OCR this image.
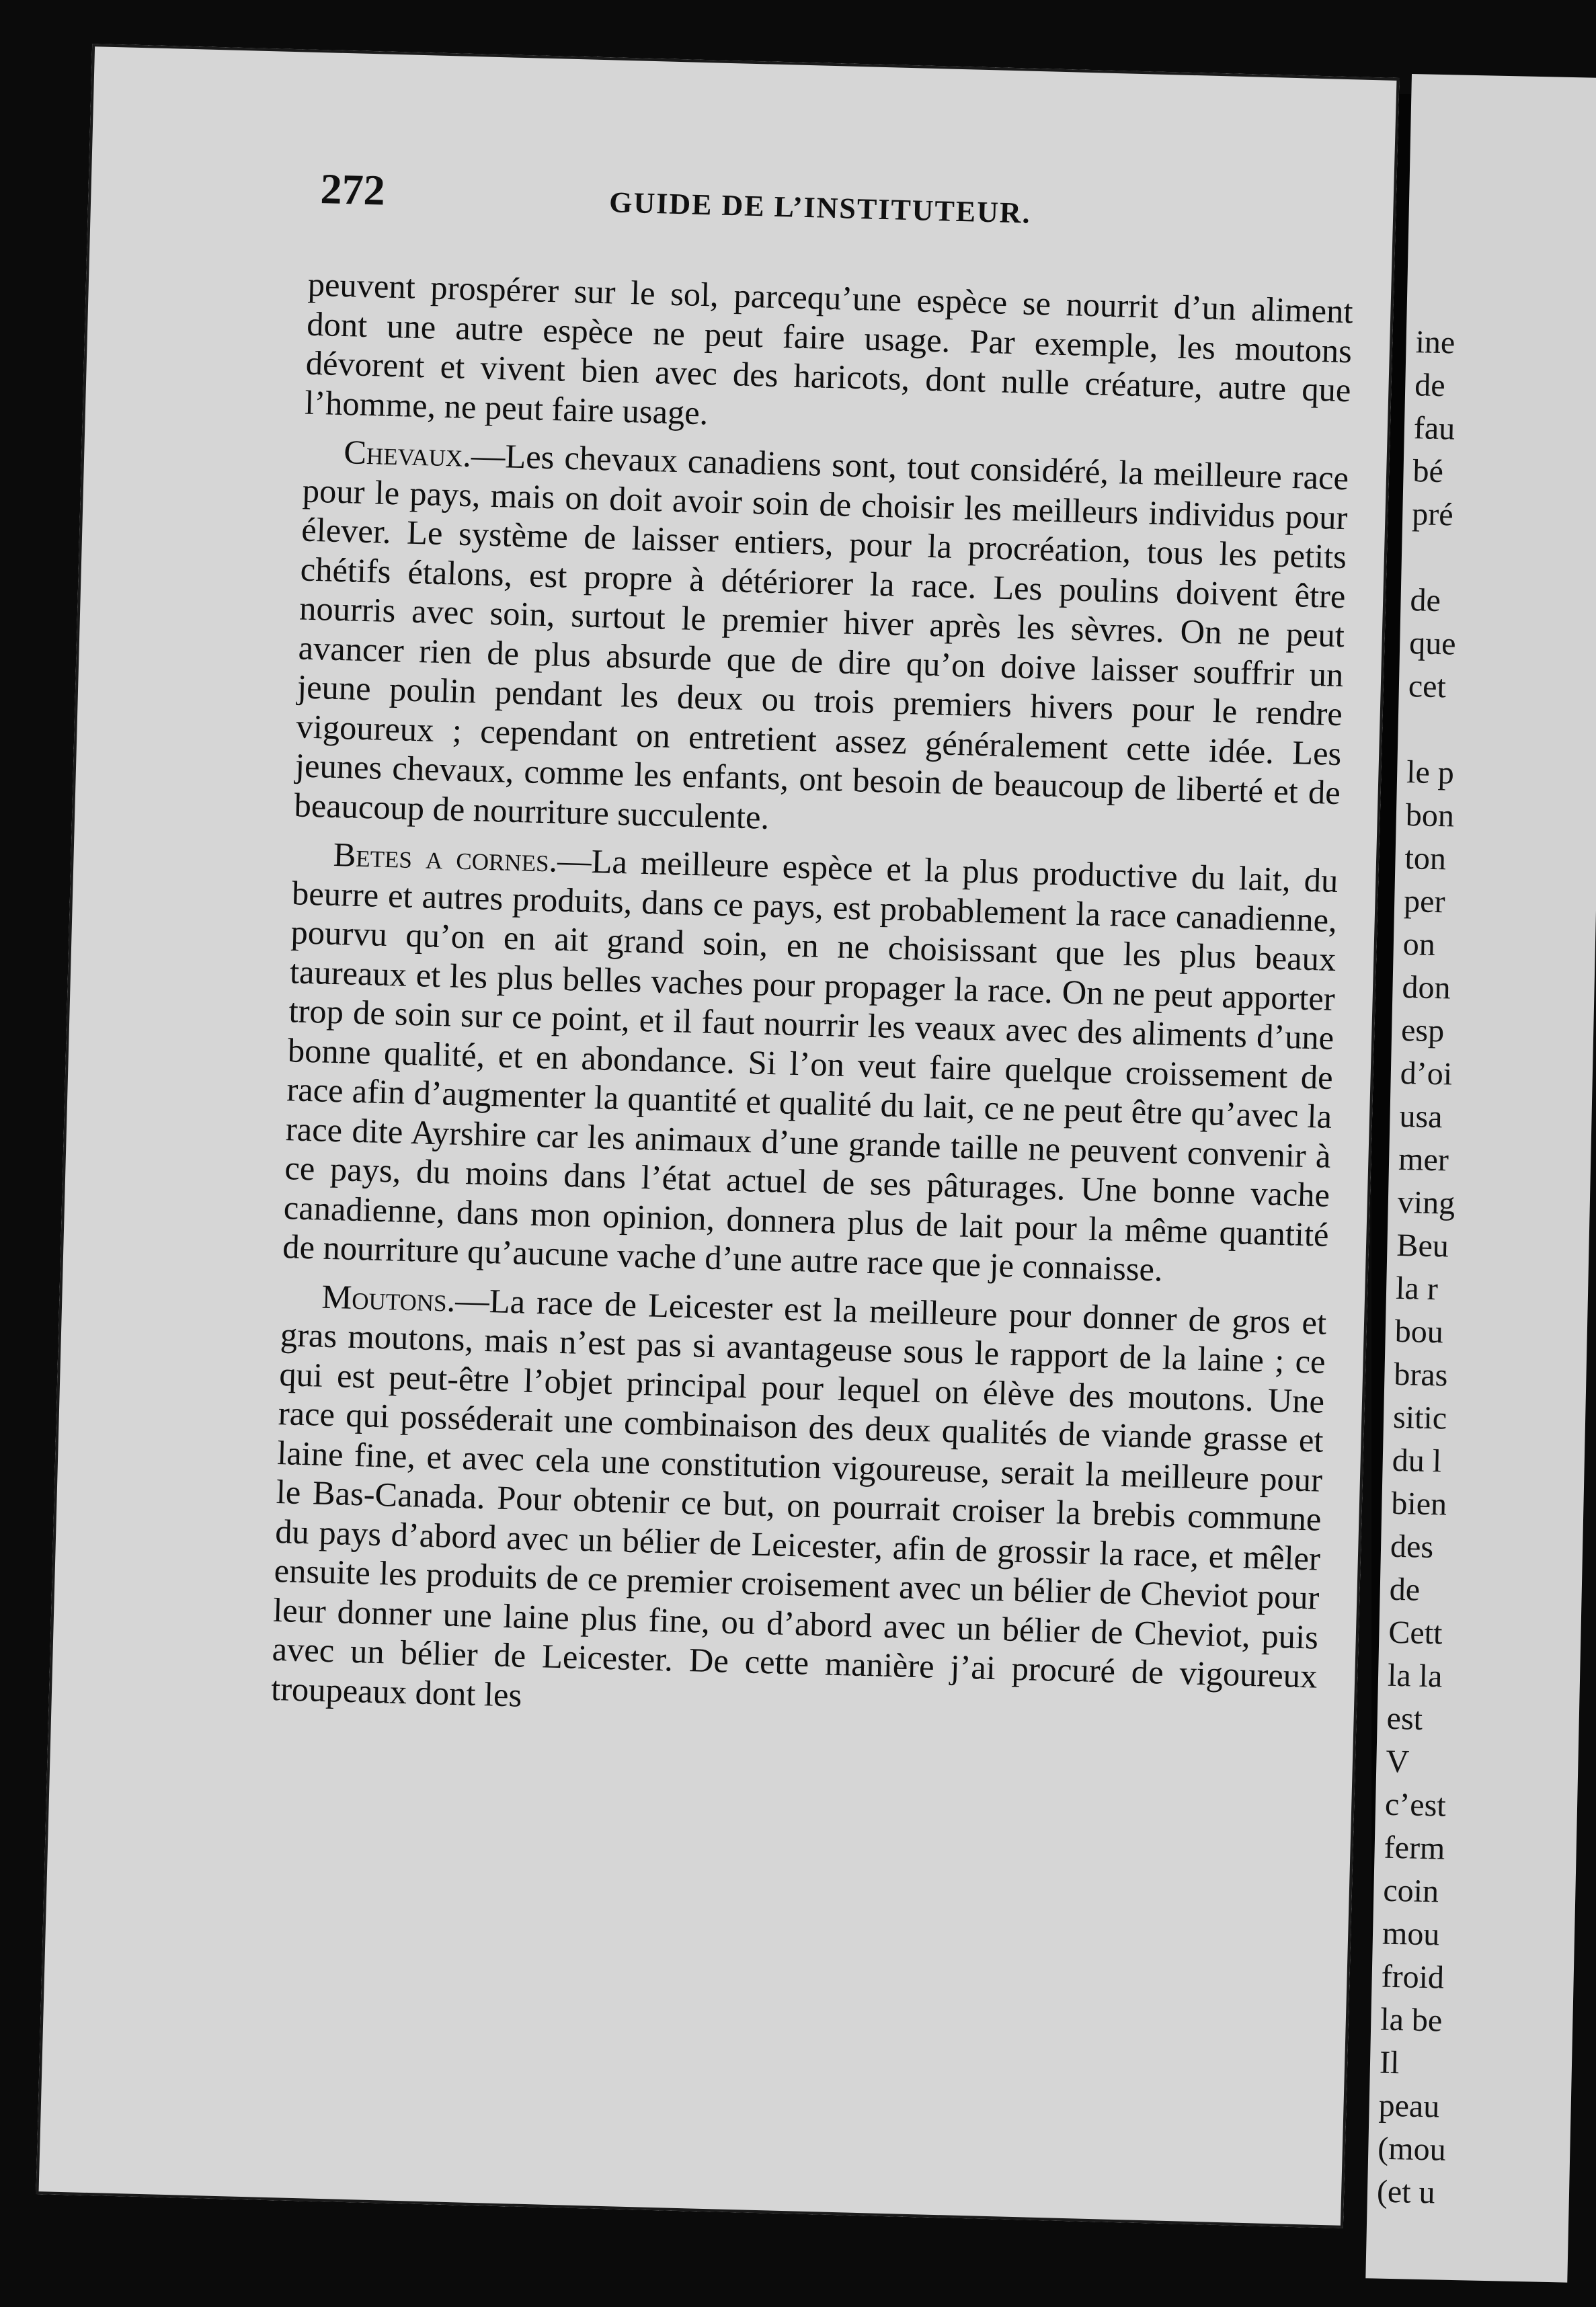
272	GUIDE DE L’INSTITUTEUR.

peuvent prospérer sur le sol, parcequ’une espèce se nourrit d’un aliment dont une autre espèce ne peut faire usage. Par exemple, les moutons dévorent et vivent bien avec des haricots, dont nulle créature, autre que l’homme, ne peut faire usage.

Chevaux.—Les chevaux canadiens sont, tout considéré, la meilleure race pour le pays, mais on doit avoir soin de choisir les meilleurs individus pour élever. Le système de laisser entiers, pour la procréation, tous les petits chétifs étalons, est propre à détériorer la race. Les poulins doivent être nourris avec soin, surtout le premier hiver après les sèvres. On ne peut avancer rien de plus absurde que de dire qu’on doive laisser souffrir un jeune poulin pendant les deux ou trois premiers hivers pour le rendre vigoureux ; cependant on entretient assez généralement cette idée. Les jeunes chevaux, comme les enfants, ont besoin de beaucoup de liberté et de beaucoup de nourriture succulente.

Betes a cornes.—La meilleure espèce et la plus productive du lait, du beurre et autres produits, dans ce pays, est probablement la race canadienne, pourvu qu’on en ait grand soin, en ne choisissant que les plus beaux taureaux et les plus belles vaches pour propager la race. On ne peut apporter trop de soin sur ce point, et il faut nourrir les veaux avec des aliments d’une bonne qualité, et en abondance. Si l’on veut faire quelque croissement de race afin d’augmenter la quantité et qualité du lait, ce ne peut être qu’avec la race dite Ayrshire car les animaux d’une grande taille ne peuvent convenir à ce pays, du moins dans l’état actuel de ses pâturages. Une bonne vache canadienne, dans mon opinion, donnera plus de lait pour la même quantité de nourriture qu’aucune vache d’une autre race que je connaisse.

Moutons.—La race de Leicester est la meilleure pour donner de gros et gras moutons, mais n’est pas si avantageuse sous le rapport de la laine ; ce qui est peut-être l’objet principal pour lequel on élève des moutons. Une race qui posséderait une combinaison des deux qualités de viande grasse et laine fine, et avec cela une constitution vigoureuse, serait la meilleure pour le Bas-Canada. Pour obtenir ce but, on pourrait croiser la brebis commune du pays d’abord avec un bélier de Leicester, afin de grossir la race, et mêler ensuite les produits de ce premier croisement avec un bélier de Cheviot pour leur donner une laine plus fine, ou d’abord avec un bélier de Cheviot, puis avec un bélier de Leicester. De cette manière j’ai procuré de vigoureux troupeaux dont les

ine
de
fau
bé
pré
de
que
cet
le p
bon
ton
per
on
don
esp
d’oi
usa
mer
ving
Beu
la r
bou
bras
sitic
du l
bien
des
de
Cett
la la
est
V
c’est
ferm
coin
mou
froid
la be
Il
peau
(mou
(et u
